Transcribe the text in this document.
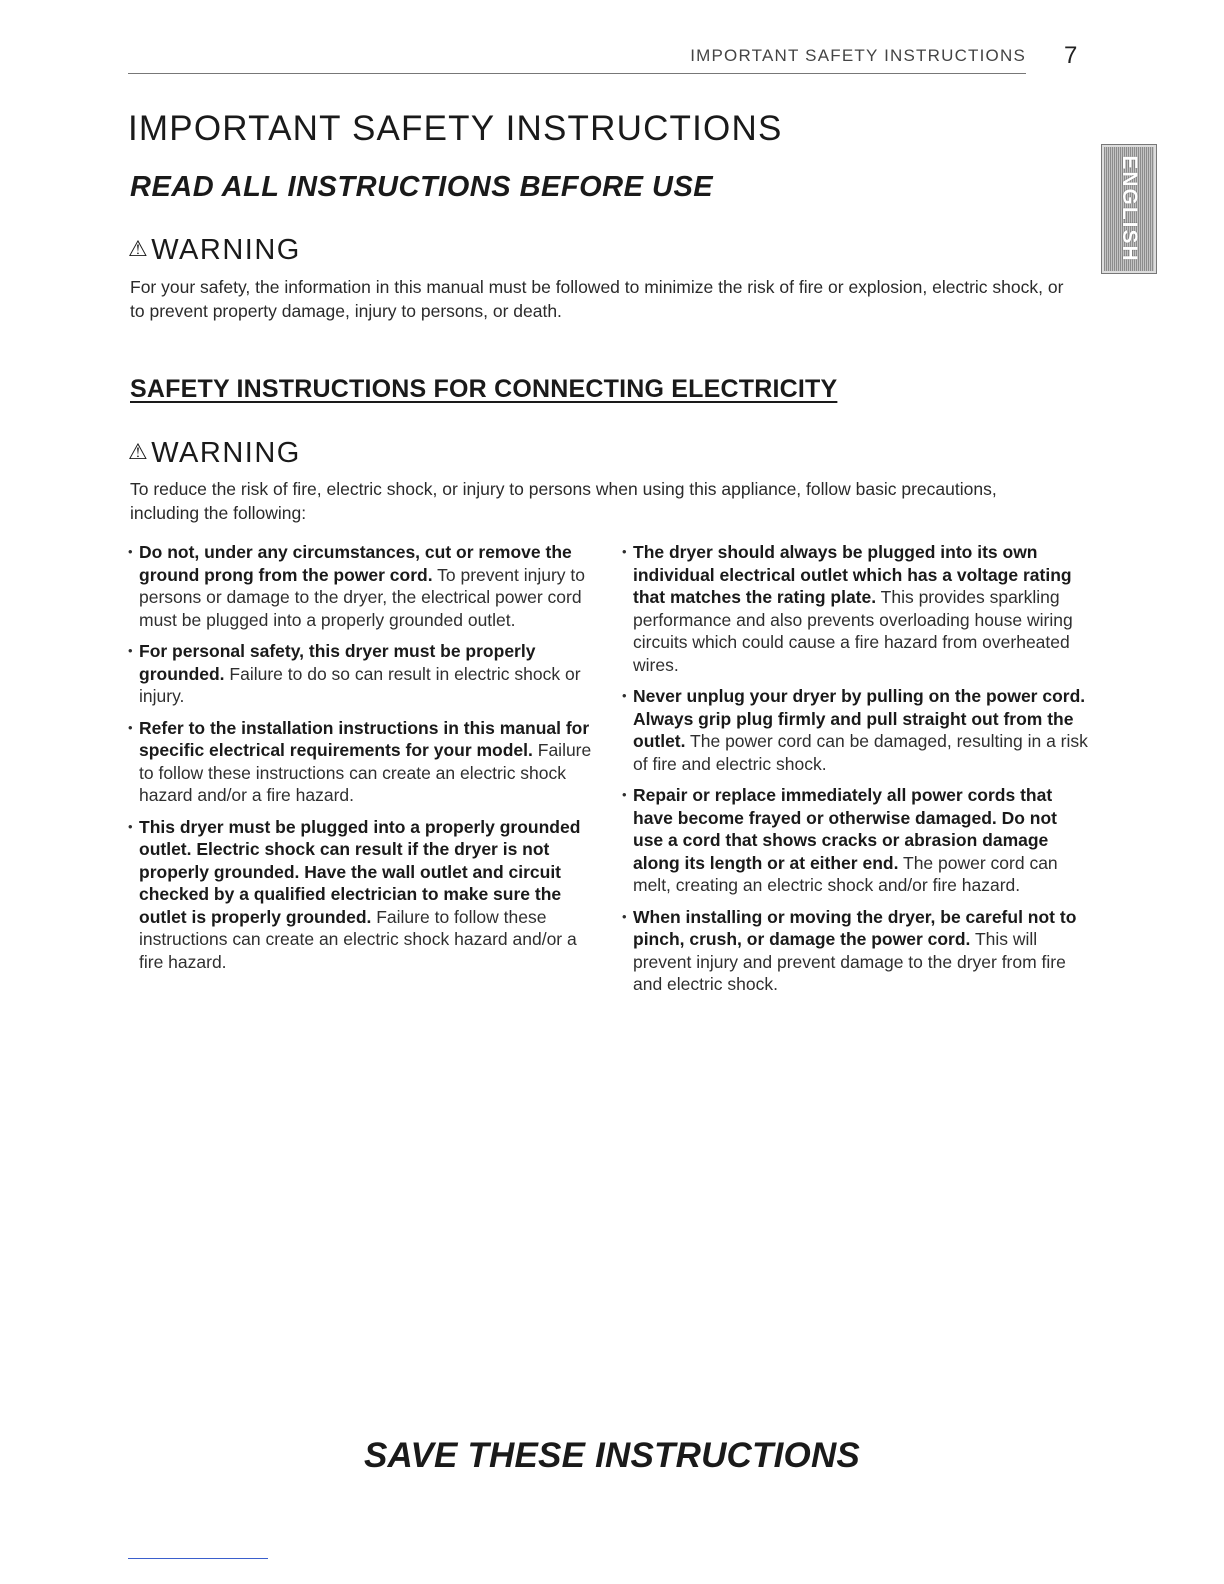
IMPORTANT SAFETY INSTRUCTIONS 7
ENGLISH
IMPORTANT SAFETY INSTRUCTIONS
READ ALL INSTRUCTIONS BEFORE USE
⚠WARNING
For your safety, the information in this manual must be followed to minimize the risk of fire or explosion, electric shock, or to prevent property damage, injury to persons, or death.
SAFETY INSTRUCTIONS FOR CONNECTING ELECTRICITY
⚠WARNING
To reduce the risk of fire, electric shock, or injury to persons when using this appliance, follow basic precautions, including the following:
• Do not, under any circumstances, cut or remove the ground prong from the power cord. To prevent injury to persons or damage to the dryer, the electrical power cord must be plugged into a properly grounded outlet.
• For personal safety, this dryer must be properly grounded. Failure to do so can result in electric shock or injury.
• Refer to the installation instructions in this manual for specific electrical requirements for your model. Failure to follow these instructions can create an electric shock hazard and/or a fire hazard.
• This dryer must be plugged into a properly grounded outlet. Electric shock can result if the dryer is not properly grounded. Have the wall outlet and circuit checked by a qualified electrician to make sure the outlet is properly grounded. Failure to follow these instructions can create an electric shock hazard and/or a fire hazard.
• The dryer should always be plugged into its own individual electrical outlet which has a voltage rating that matches the rating plate. This provides sparkling performance and also prevents overloading house wiring circuits which could cause a fire hazard from overheated wires.
• Never unplug your dryer by pulling on the power cord. Always grip plug firmly and pull straight out from the outlet. The power cord can be damaged, resulting in a risk of fire and electric shock.
• Repair or replace immediately all power cords that have become frayed or otherwise damaged. Do not use a cord that shows cracks or abrasion damage along its length or at either end. The power cord can melt, creating an electric shock and/or fire hazard.
• When installing or moving the dryer, be careful not to pinch, crush, or damage the power cord. This will prevent injury and prevent damage to the dryer from fire and electric shock.
SAVE THESE INSTRUCTIONS
